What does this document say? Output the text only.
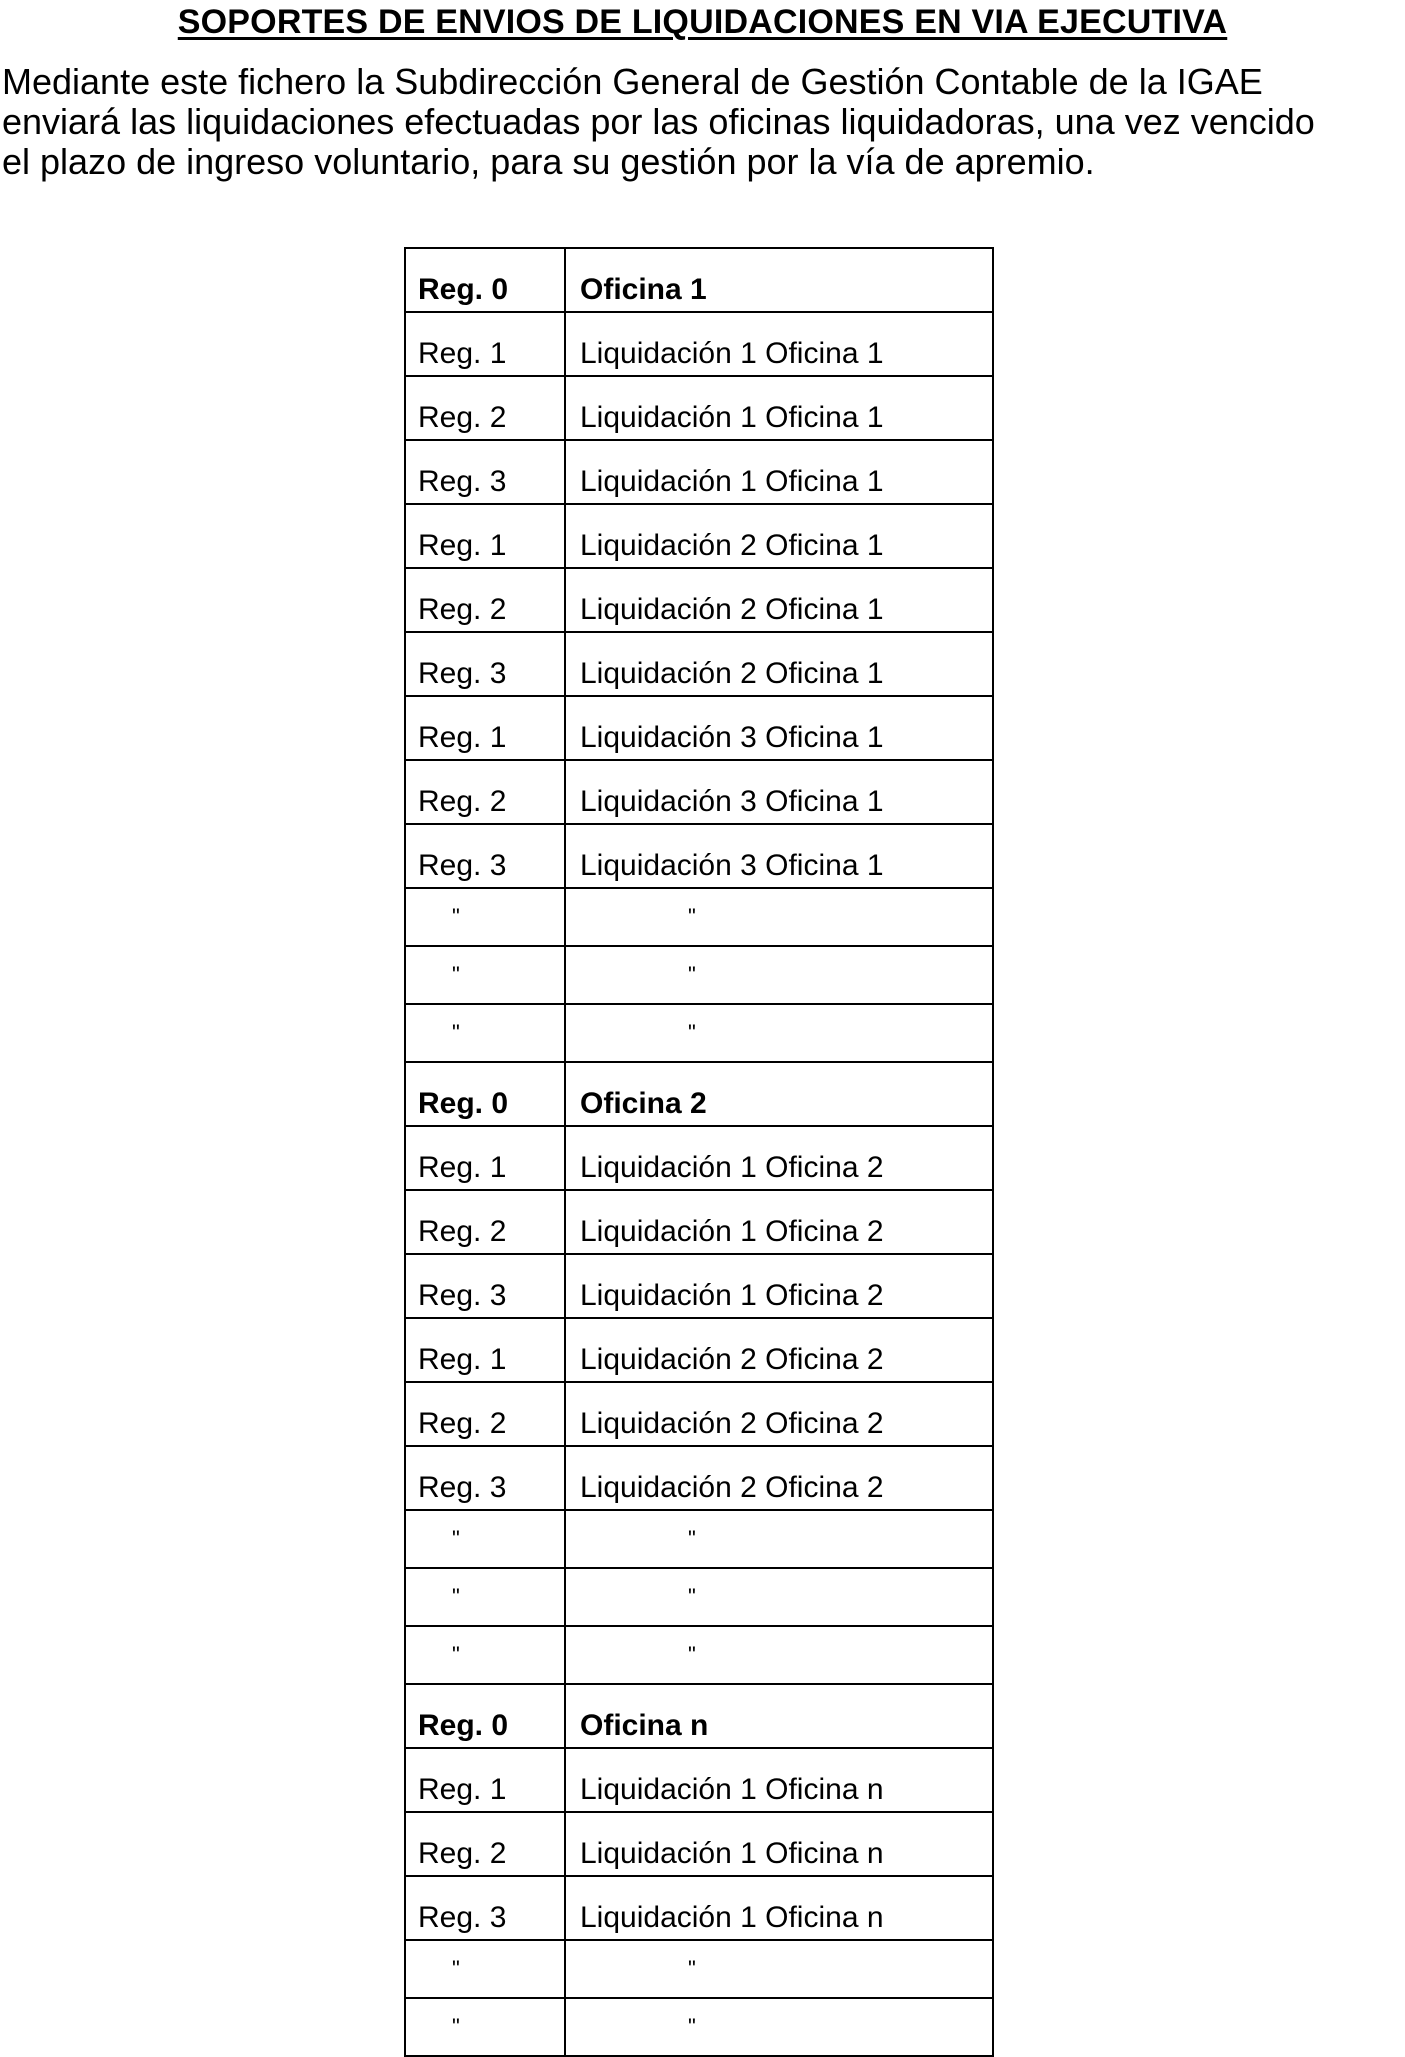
SOPORTES DE ENVIOS DE LIQUIDACIONES EN VIA EJECUTIVA
Mediante este fichero la Subdirección General de Gestión Contable de la IGAE
enviará las liquidaciones efectuadas por las oficinas liquidadoras, una vez vencido
el plazo de ingreso voluntario, para su gestión por la vía de apremio.
Reg. 0	Oficina 1
Reg. 1	Liquidación 1 Oficina 1
Reg. 2	Liquidación 1 Oficina 1
Reg. 3	Liquidación 1 Oficina 1
Reg. 1	Liquidación 2 Oficina 1
Reg. 2	Liquidación 2 Oficina 1
Reg. 3	Liquidación 2 Oficina 1
Reg. 1	Liquidación 3 Oficina 1
Reg. 2	Liquidación 3 Oficina 1
Reg. 3	Liquidación 3 Oficina 1
"	"
"	"
"	"
Reg. 0	Oficina 2
Reg. 1	Liquidación 1 Oficina 2
Reg. 2	Liquidación 1 Oficina 2
Reg. 3	Liquidación 1 Oficina 2
Reg. 1	Liquidación 2 Oficina 2
Reg. 2	Liquidación 2 Oficina 2
Reg. 3	Liquidación 2 Oficina 2
"	"
"	"
"	"
Reg. 0	Oficina n
Reg. 1	Liquidación 1 Oficina n
Reg. 2	Liquidación 1 Oficina n
Reg. 3	Liquidación 1 Oficina n
"	"
"	"
